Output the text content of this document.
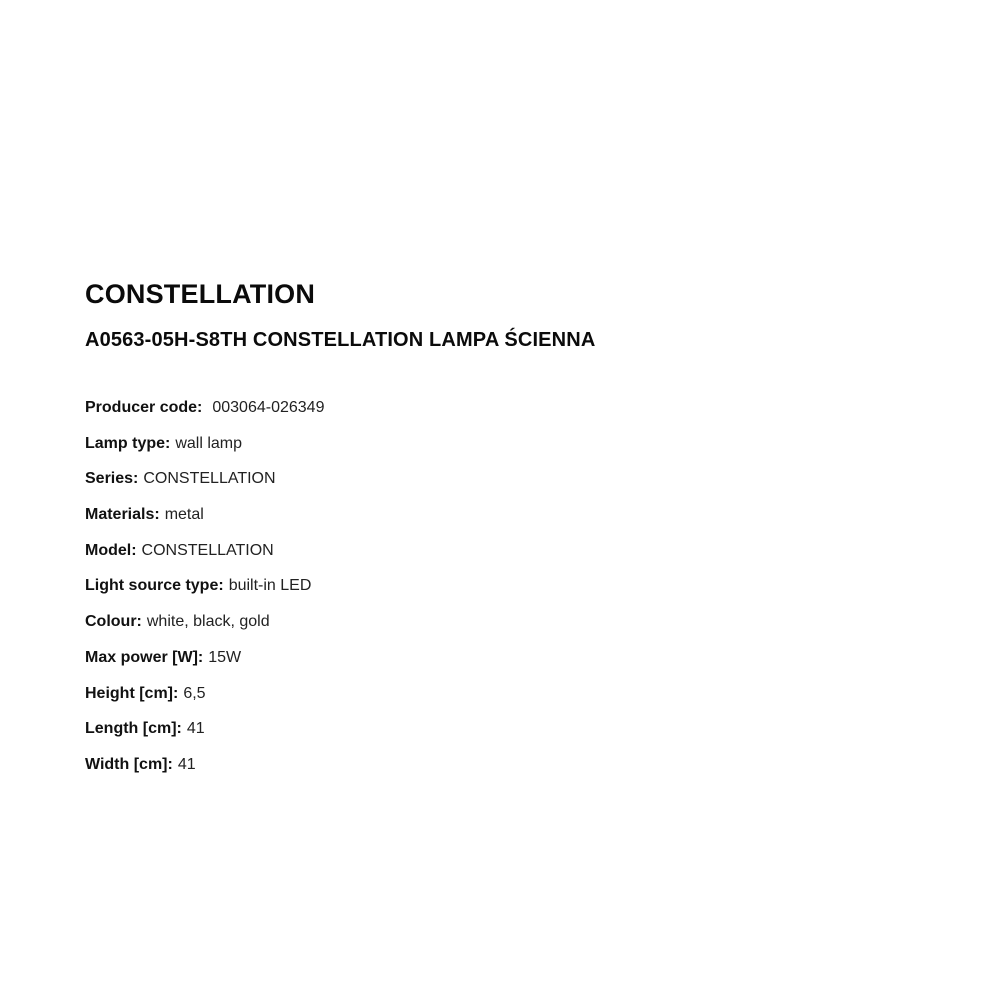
CONSTELLATION
A0563-05H-S8TH CONSTELLATION LAMPA ŚCIENNA
Producer code: 003064-026349
Lamp type: wall lamp
Series: CONSTELLATION
Materials: metal
Model: CONSTELLATION
Light source type: built-in LED
Colour: white, black, gold
Max power [W]: 15W
Height [cm]: 6,5
Length [cm]: 41
Width [cm]: 41
